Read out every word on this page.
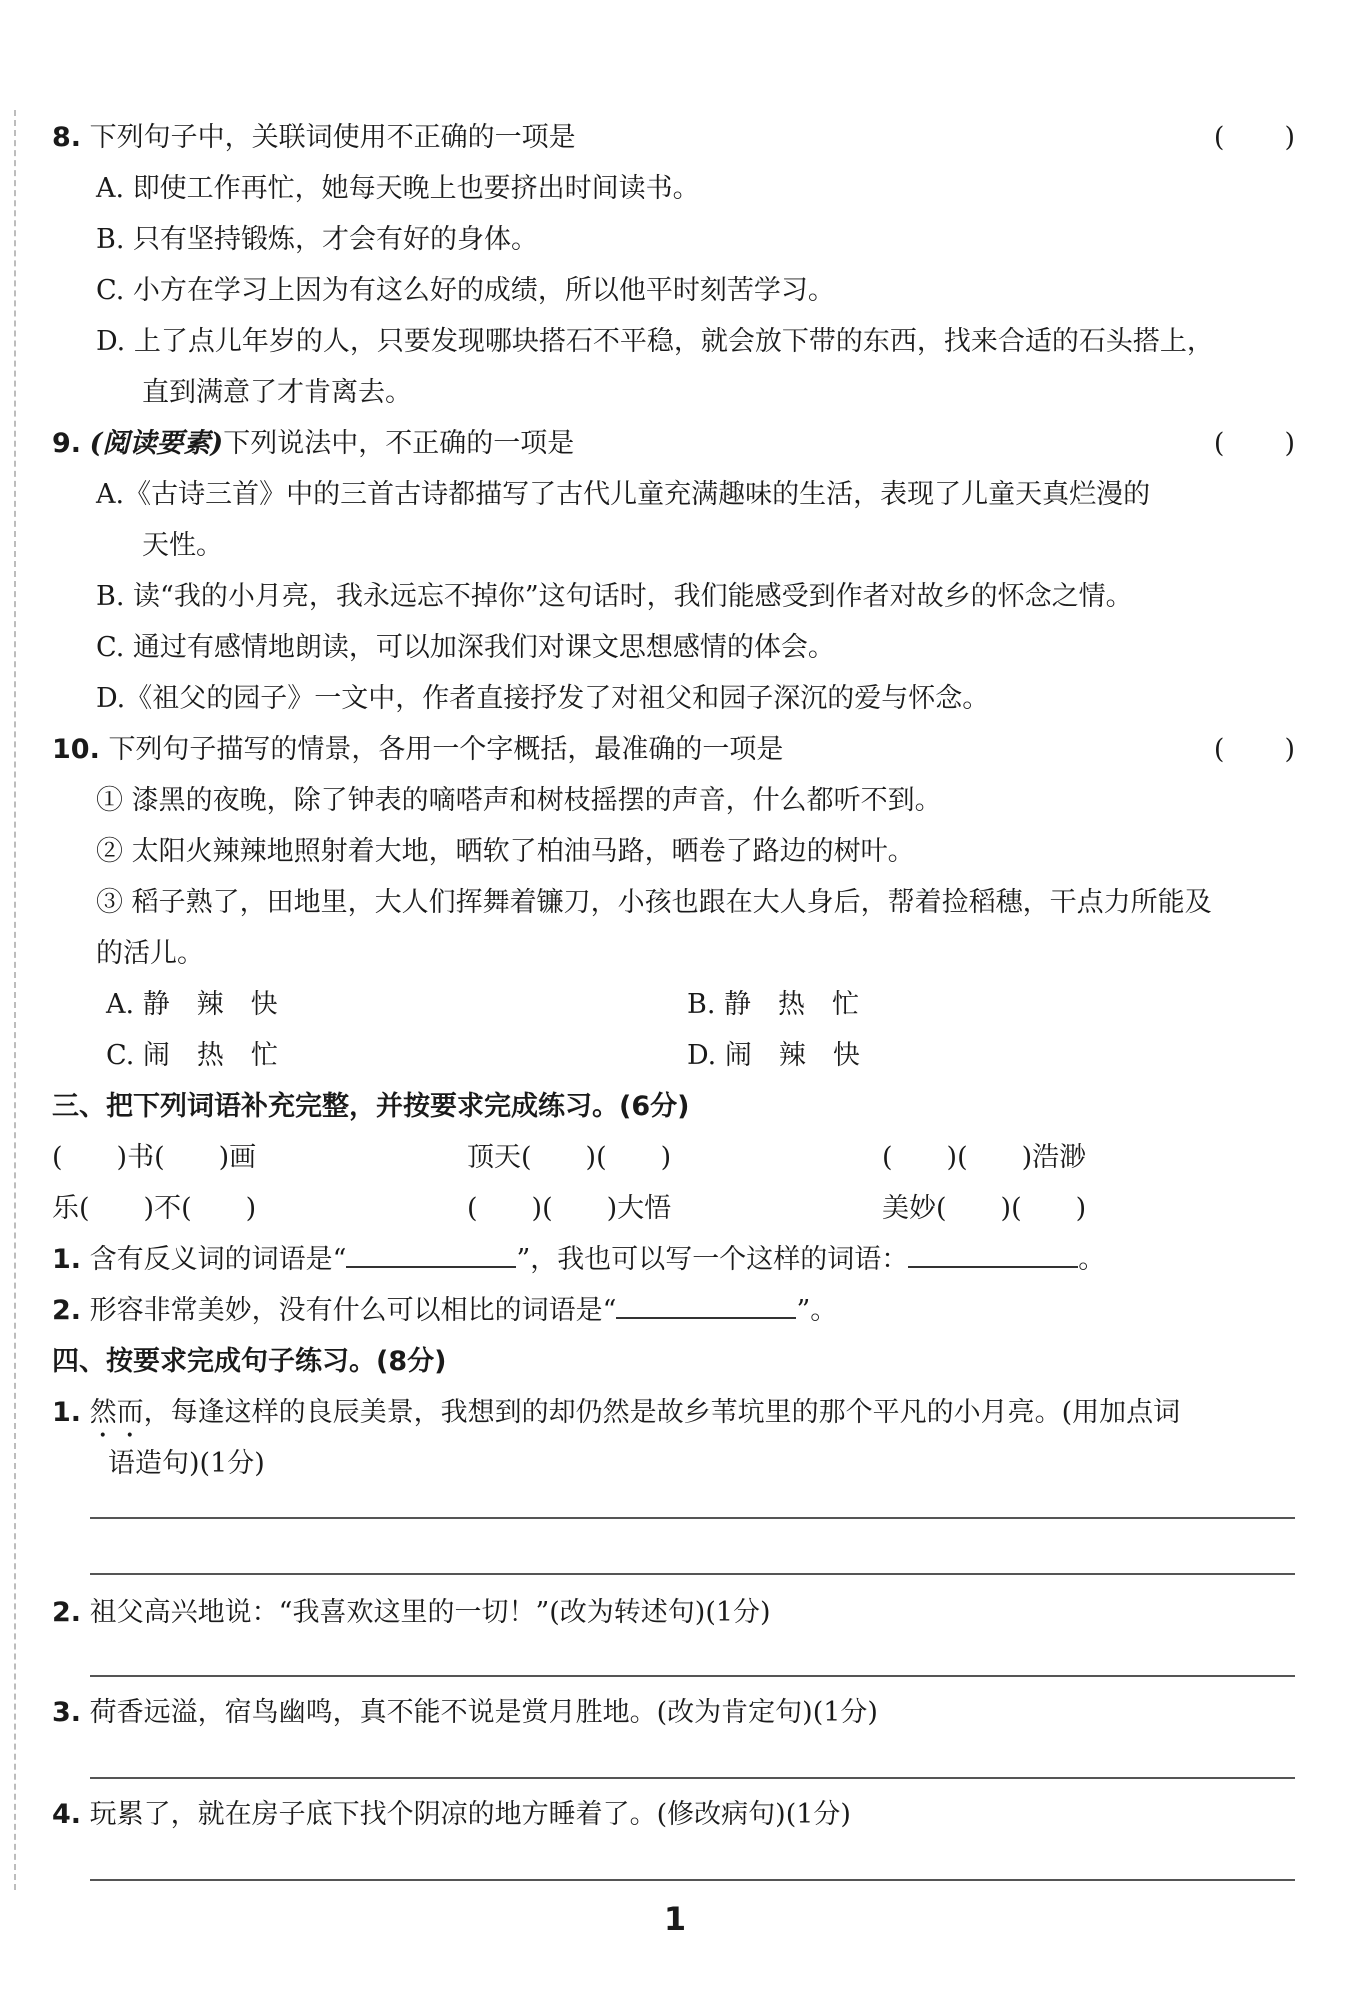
8. 下列句子中，关联词使用不正确的一项是	(　　)
A. 即使工作再忙，她每天晚上也要挤出时间读书。
B. 只有坚持锻炼，才会有好的身体。
C. 小方在学习上因为有这么好的成绩，所以他平时刻苦学习。
D. 上了点儿年岁的人，只要发现哪块搭石不平稳，就会放下带的东西，找来合适的石头搭上，
直到满意了才肯离去。
9. (阅读要素)下列说法中，不正确的一项是	(　　)
A.《古诗三首》中的三首古诗都描写了古代儿童充满趣味的生活，表现了儿童天真烂漫的
天性。
B. 读“我的小月亮，我永远忘不掉你”这句话时，我们能感受到作者对故乡的怀念之情。
C. 通过有感情地朗读，可以加深我们对课文思想感情的体会。
D.《祖父的园子》一文中，作者直接抒发了对祖父和园子深沉的爱与怀念。
10. 下列句子描写的情景，各用一个字概括，最准确的一项是	(　　)
① 漆黑的夜晚，除了钟表的嘀嗒声和树枝摇摆的声音，什么都听不到。
② 太阳火辣辣地照射着大地，晒软了柏油马路，晒卷了路边的树叶。
③ 稻子熟了，田地里，大人们挥舞着镰刀，小孩也跟在大人身后，帮着捡稻穗，干点力所能及
的活儿。
A. 静　辣　快	B. 静　热　忙
C. 闹　热　忙	D. 闹　辣　快
三、把下列词语补充完整，并按要求完成练习。(6分)
(　　)书(　　)画	顶天(　　)(　　)	(　　)(　　)浩渺
乐(　　)不(　　)	(　　)(　　)大悟	美妙(　　)(　　)
1. 含有反义词的词语是“	”，我也可以写一个这样的词语：	。
2. 形容非常美妙，没有什么可以相比的词语是“	”。
四、按要求完成句子练习。(8分)
1. 然而，每逢这样的良辰美景，我想到的却仍然是故乡苇坑里的那个平凡的小月亮。(用加点词
语造句)(1分)
2. 祖父高兴地说：“我喜欢这里的一切！”(改为转述句)(1分)
3. 荷香远溢，宿鸟幽鸣，真不能不说是赏月胜地。(改为肯定句)(1分)
4. 玩累了，就在房子底下找个阴凉的地方睡着了。(修改病句)(1分)
1
